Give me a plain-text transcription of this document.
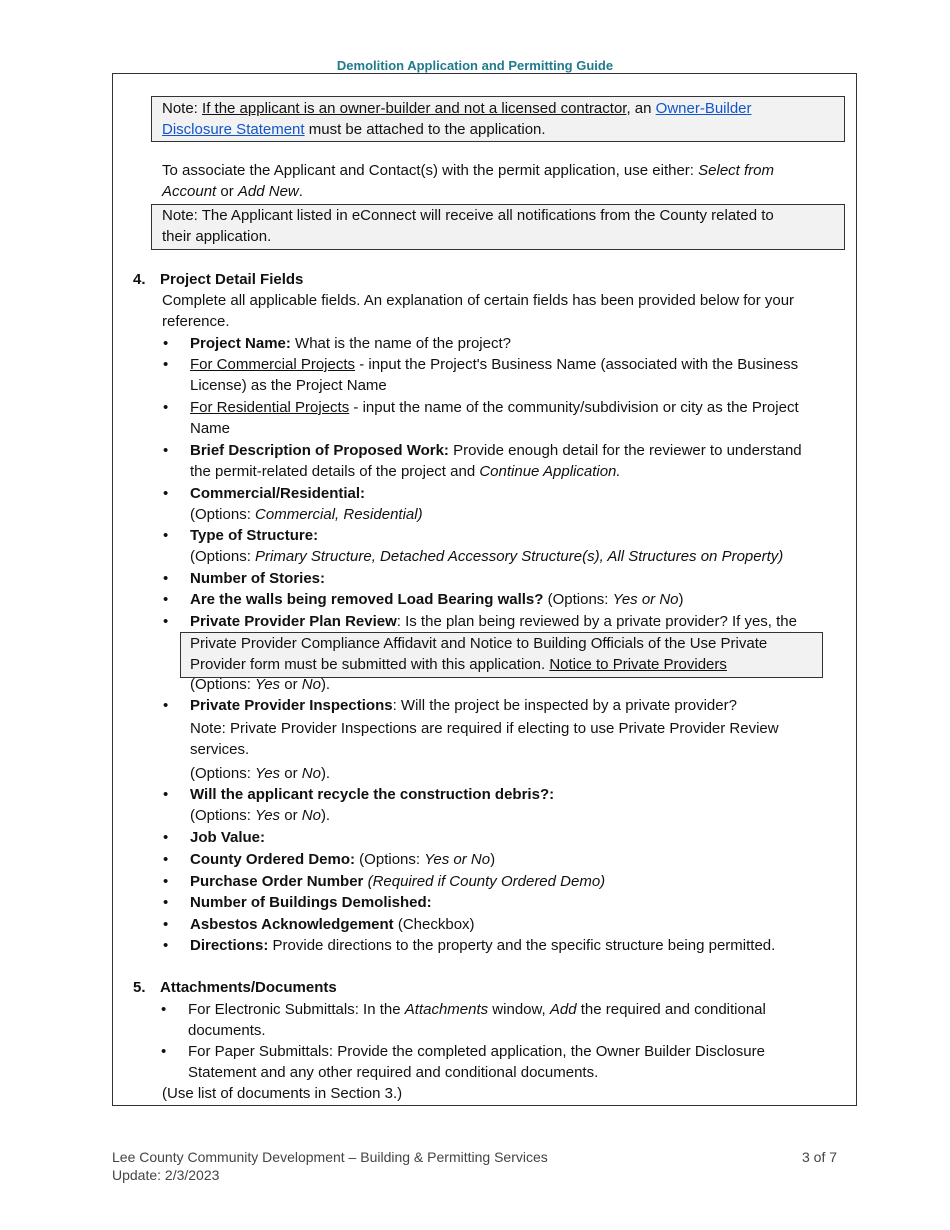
Demolition Application and Permitting Guide
Note: If the applicant is an owner-builder and not a licensed contractor, an Owner-Builder
Disclosure Statement must be attached to the application.
To associate the Applicant and Contact(s) with the permit application, use either: Select from
Account or Add New.
Note: The Applicant listed in eConnect will receive all notifications from the County related to
their application.
4. Project Detail Fields
Complete all applicable fields. An explanation of certain fields has been provided below for your
reference.
• Project Name: What is the name of the project?
• For Commercial Projects - input the Project's Business Name (associated with the Business
License) as the Project Name
• For Residential Projects - input the name of the community/subdivision or city as the Project
Name
• Brief Description of Proposed Work: Provide enough detail for the reviewer to understand
the permit-related details of the project and Continue Application.
• Commercial/Residential:
(Options: Commercial, Residential)
• Type of Structure:
(Options: Primary Structure, Detached Accessory Structure(s), All Structures on Property)
• Number of Stories:
• Are the walls being removed Load Bearing walls? (Options: Yes or No)
• Private Provider Plan Review: Is the plan being reviewed by a private provider? If yes, the
Private Provider Compliance Affidavit and Notice to Building Officials of the Use Private
Provider form must be submitted with this application. Notice to Private Providers
(Options: Yes or No).
• Private Provider Inspections: Will the project be inspected by a private provider?
Note: Private Provider Inspections are required if electing to use Private Provider Review
services.
(Options: Yes or No).
• Will the applicant recycle the construction debris?:
(Options: Yes or No).
• Job Value:
• County Ordered Demo: (Options: Yes or No)
• Purchase Order Number (Required if County Ordered Demo)
• Number of Buildings Demolished:
• Asbestos Acknowledgement (Checkbox)
• Directions: Provide directions to the property and the specific structure being permitted.
5. Attachments/Documents
• For Electronic Submittals: In the Attachments window, Add the required and conditional
documents.
• For Paper Submittals: Provide the completed application, the Owner Builder Disclosure
Statement and any other required and conditional documents.
(Use list of documents in Section 3.)
Lee County Community Development – Building & Permitting Services	3 of 7
Update: 2/3/2023
